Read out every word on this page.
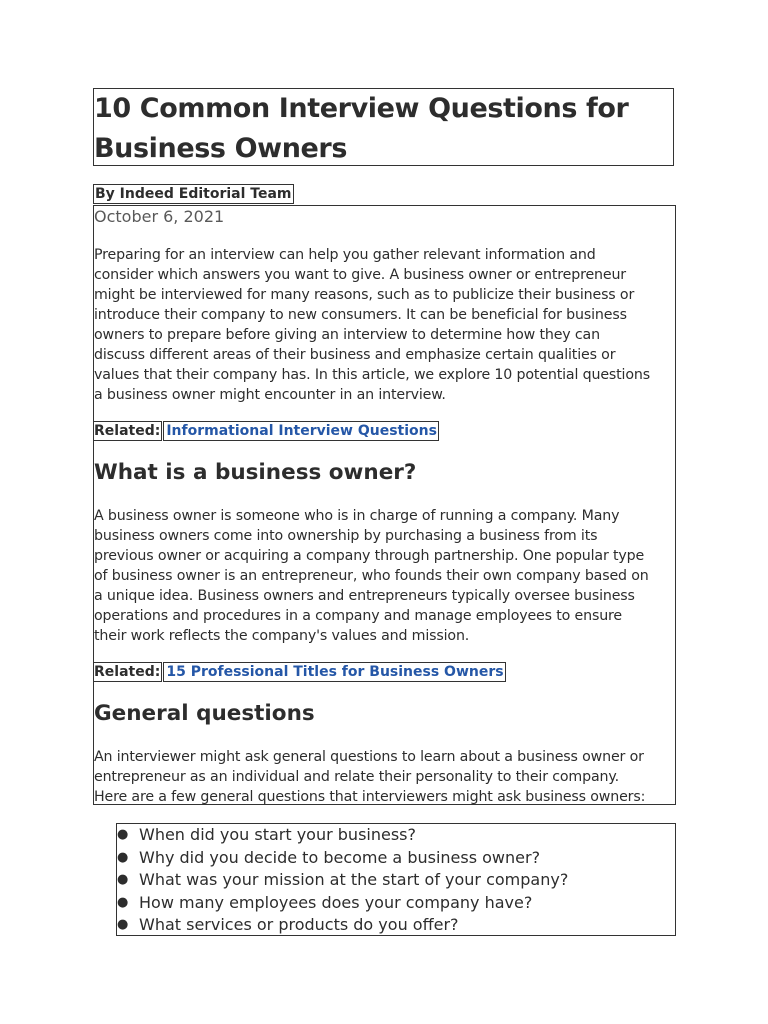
10 Common Interview Questions for
Business Owners
By Indeed Editorial Team
October 6, 2021

Preparing for an interview can help you gather relevant information and
consider which answers you want to give. A business owner or entrepreneur
might be interviewed for many reasons, such as to publicize their business or
introduce their company to new consumers. It can be beneficial for business
owners to prepare before giving an interview to determine how they can
discuss different areas of their business and emphasize certain qualities or
values that their company has. In this article, we explore 10 potential questions
a business owner might encounter in an interview.

Related: Informational Interview Questions
What is a business owner?

A business owner is someone who is in charge of running a company. Many
business owners come into ownership by purchasing a business from its
previous owner or acquiring a company through partnership. One popular type
of business owner is an entrepreneur, who founds their own company based on
a unique idea. Business owners and entrepreneurs typically oversee business
operations and procedures in a company and manage employees to ensure
their work reflects the company's values and mission.

Related: 15 Professional Titles for Business Owners
General questions

An interviewer might ask general questions to learn about a business owner or
entrepreneur as an individual and relate their personality to their company.
Here are a few general questions that interviewers might ask business owners:

● When did you start your business?
● Why did you decide to become a business owner?
● What was your mission at the start of your company?
● How many employees does your company have?
● What services or products do you offer?
